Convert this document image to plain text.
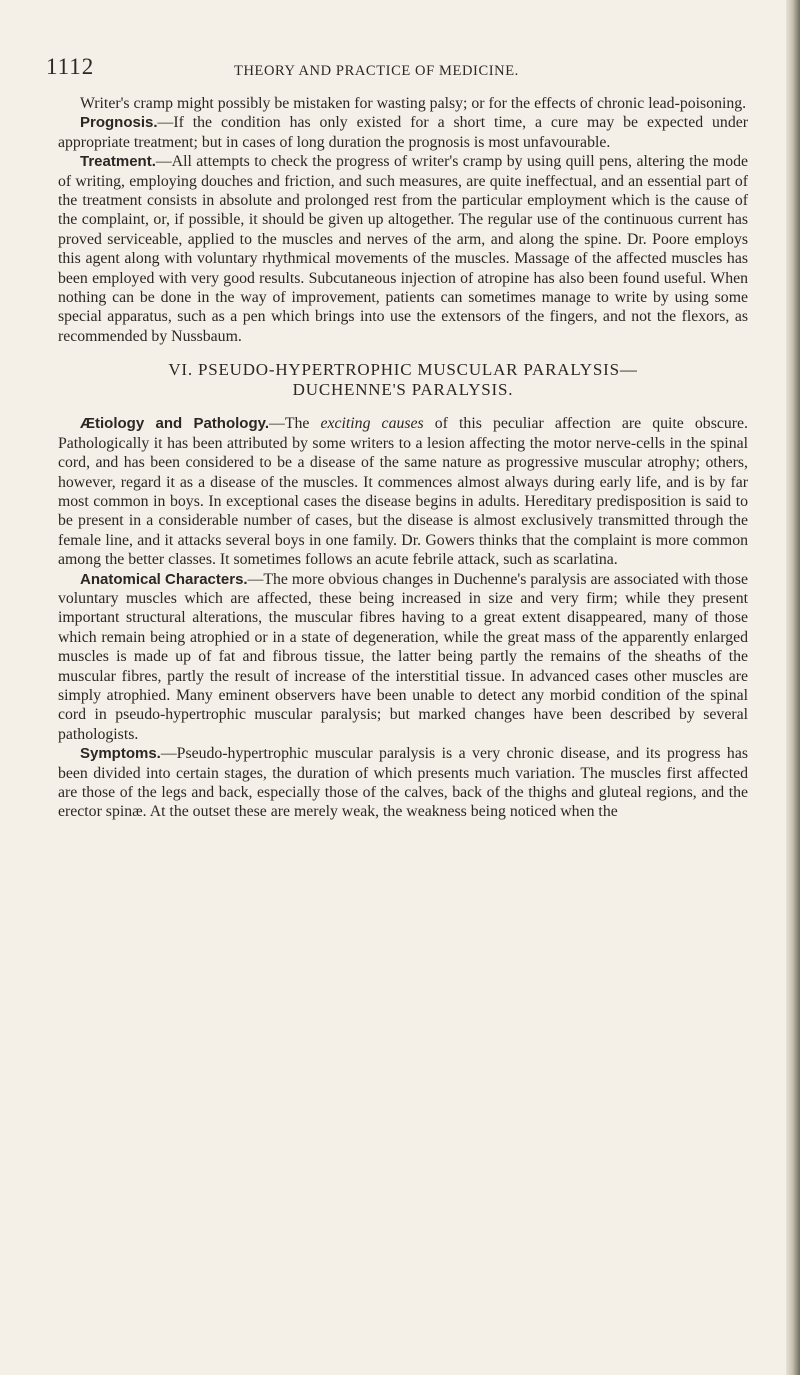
1112	THEORY AND PRACTICE OF MEDICINE.

Writer's cramp might possibly be mistaken for wasting palsy; or for the effects of chronic lead-poisoning.

Prognosis.—If the condition has only existed for a short time, a cure may be expected under appropriate treatment; but in cases of long duration the prognosis is most unfavourable.

Treatment.—All attempts to check the progress of writer's cramp by using quill pens, altering the mode of writing, employing douches and friction, and such measures, are quite ineffectual, and an essential part of the treatment consists in absolute and prolonged rest from the particular employment which is the cause of the complaint, or, if possible, it should be given up altogether. The regular use of the continuous current has proved serviceable, applied to the muscles and nerves of the arm, and along the spine. Dr. Poore employs this agent along with voluntary rhythmical movements of the muscles. Massage of the affected muscles has been employed with very good results. Subcutaneous injection of atropine has also been found useful. When nothing can be done in the way of improvement, patients can sometimes manage to write by using some special apparatus, such as a pen which brings into use the extensors of the fingers, and not the flexors, as recommended by Nussbaum.

VI. PSEUDO-HYPERTROPHIC MUSCULAR PARALYSIS—
DUCHENNE'S PARALYSIS.

Ætiology and Pathology.—The exciting causes of this peculiar affection are quite obscure. Pathologically it has been attributed by some writers to a lesion affecting the motor nerve-cells in the spinal cord, and has been considered to be a disease of the same nature as progressive muscular atrophy; others, however, regard it as a disease of the muscles. It commences almost always during early life, and is by far most common in boys. In exceptional cases the disease begins in adults. Hereditary predisposition is said to be present in a considerable number of cases, but the disease is almost exclusively transmitted through the female line, and it attacks several boys in one family. Dr. Gowers thinks that the complaint is more common among the better classes. It sometimes follows an acute febrile attack, such as scarlatina.

Anatomical Characters.—The more obvious changes in Duchenne's paralysis are associated with those voluntary muscles which are affected, these being increased in size and very firm; while they present important structural alterations, the muscular fibres having to a great extent disappeared, many of those which remain being atrophied or in a state of degeneration, while the great mass of the apparently enlarged muscles is made up of fat and fibrous tissue, the latter being partly the remains of the sheaths of the muscular fibres, partly the result of increase of the interstitial tissue. In advanced cases other muscles are simply atrophied. Many eminent observers have been unable to detect any morbid condition of the spinal cord in pseudo-hypertrophic muscular paralysis; but marked changes have been described by several pathologists.

Symptoms.—Pseudo-hypertrophic muscular paralysis is a very chronic disease, and its progress has been divided into certain stages, the duration of which presents much variation. The muscles first affected are those of the legs and back, especially those of the calves, back of the thighs and gluteal regions, and the erector spinæ. At the outset these are merely weak, the weakness being noticed when the
